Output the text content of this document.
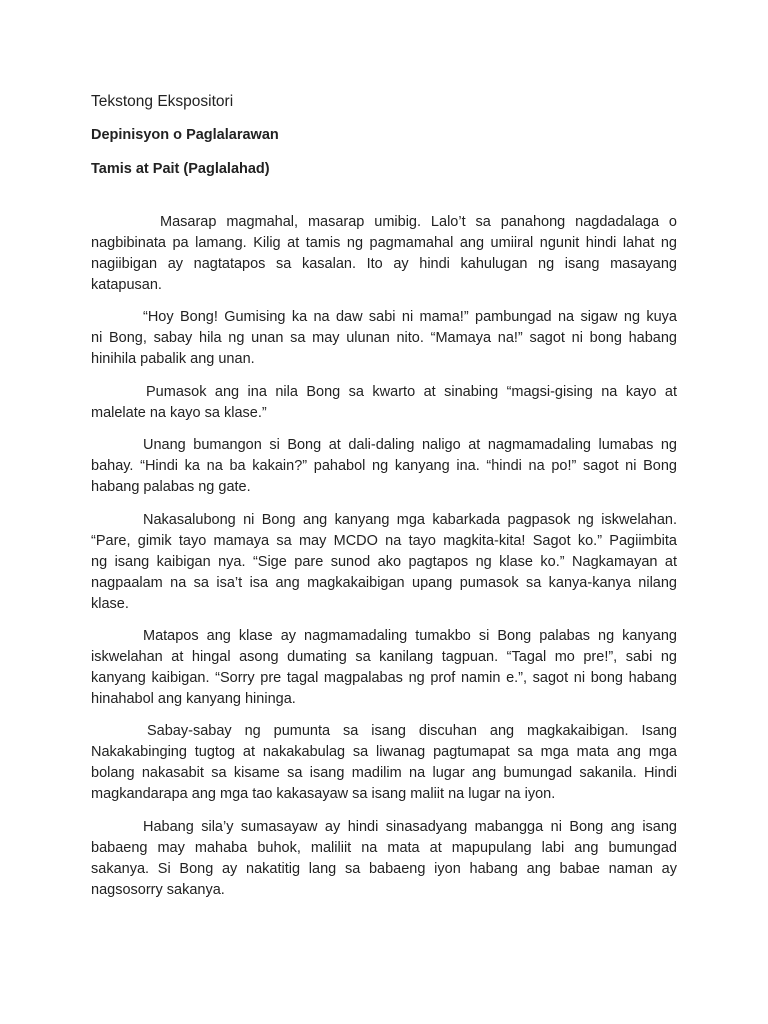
Tekstong Ekspositori
Depinisyon o Paglalarawan
Tamis at Pait (Paglalahad)
Masarap magmahal, masarap umibig. Lalo’t sa panahong nagdadalaga o
nagbibinata pa lamang. Kilig at tamis ng pagmamahal ang umiiral ngunit hindi lahat ng
nagiibigan ay nagtatapos sa kasalan. Ito ay hindi kahulugan ng isang masayang
katapusan.
“Hoy Bong! Gumising ka na daw sabi ni mama!” pambungad na sigaw ng kuya
ni Bong, sabay hila ng unan sa may ulunan nito. “Mamaya na!” sagot ni bong habang
hinihila pabalik ang unan.
Pumasok ang ina nila Bong sa kwarto at sinabing “magsi-gising na kayo at
malelate na kayo sa klase.”
Unang bumangon si Bong at dali-daling naligo at nagmamadaling lumabas ng
bahay. “Hindi ka na ba kakain?” pahabol ng kanyang ina. “hindi na po!” sagot ni Bong
habang palabas ng gate.
Nakasalubong ni Bong ang kanyang mga kabarkada pagpasok ng iskwelahan.
“Pare, gimik tayo mamaya sa may MCDO na tayo magkita-kita! Sagot ko.” Pagiimbita
ng isang kaibigan nya. “Sige pare sunod ako pagtapos ng klase ko.” Nagkamayan at
nagpaalam na sa isa’t isa ang magkakaibigan upang pumasok sa kanya-kanya nilang
klase.
Matapos ang klase ay nagmamadaling tumakbo si Bong palabas ng kanyang
iskwelahan at hingal asong dumating sa kanilang tagpuan. “Tagal mo pre!”, sabi ng
kanyang kaibigan. “Sorry pre tagal magpalabas ng prof namin e.”, sagot ni bong habang
hinahabol ang kanyang hininga.
Sabay-sabay ng pumunta sa isang discuhan ang magkakaibigan. Isang
Nakakabinging tugtog at nakakabulag sa liwanag pagtumapat sa mga mata ang mga
bolang nakasabit sa kisame sa isang madilim na lugar ang bumungad sakanila. Hindi
magkandarapa ang mga tao kakasayaw sa isang maliit na lugar na iyon.
Habang sila’y sumasayaw ay hindi sinasadyang mabangga ni Bong ang isang
babaeng may mahaba buhok, maliliit na mata at mapupulang labi ang bumungad
sakanya. Si Bong ay nakatitig lang sa babaeng iyon habang ang babae naman ay
nagsosorry sakanya.
